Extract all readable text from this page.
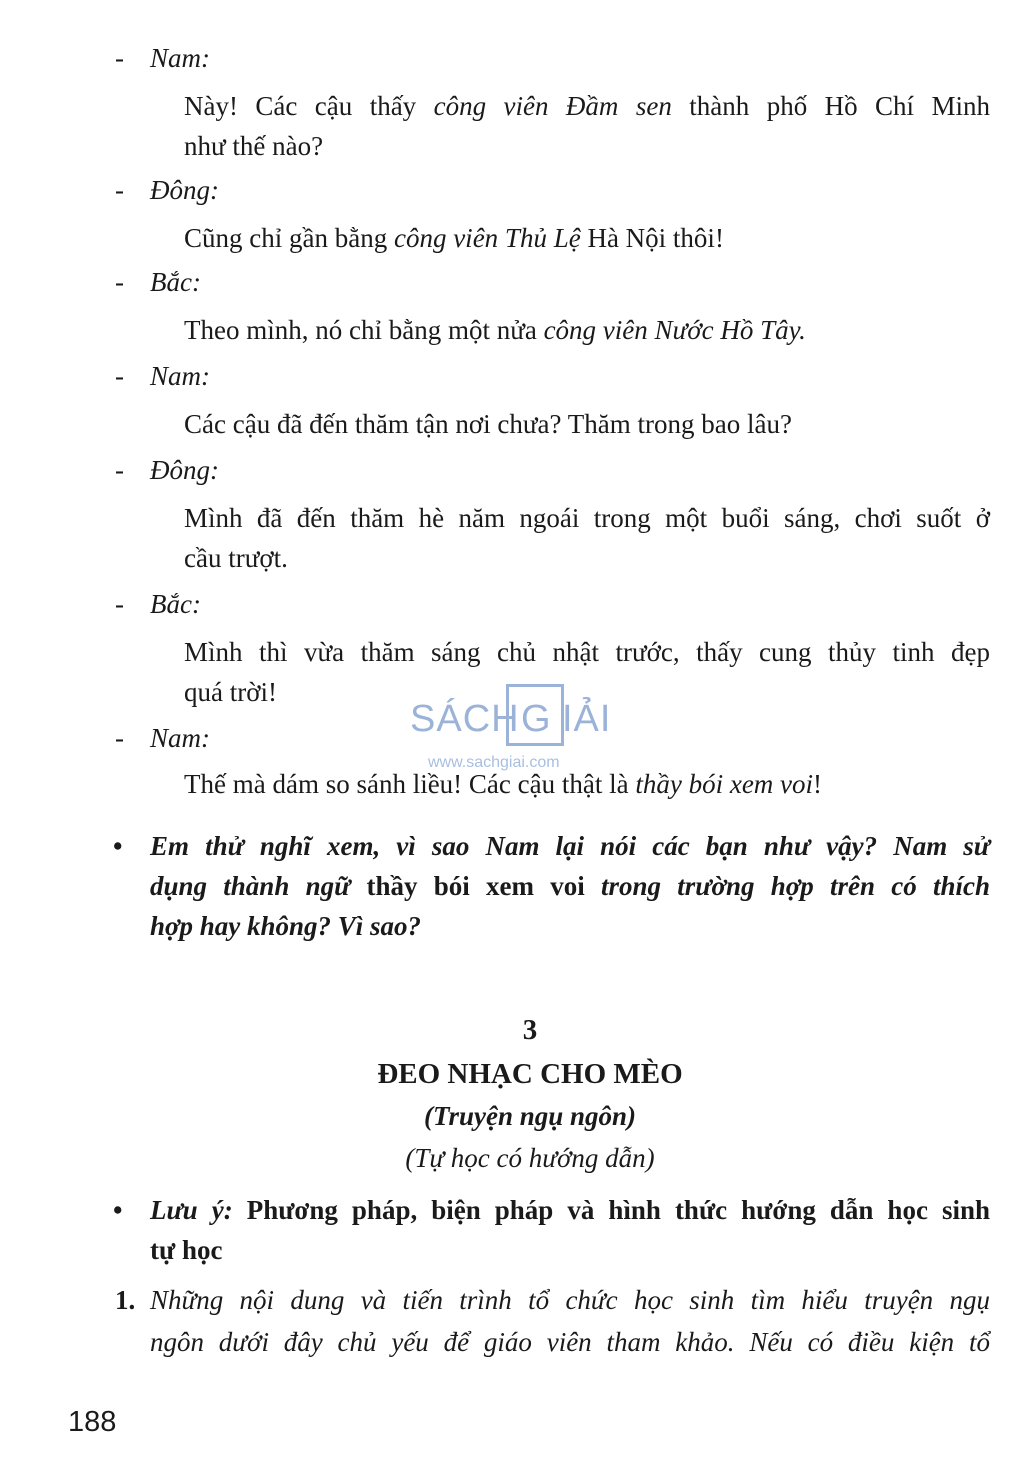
- Nam:
Này! Các cậu thấy công viên Đầm sen thành phố Hồ Chí Minh
như thế nào?
- Đông:
Cũng chỉ gần bằng công viên Thủ Lệ Hà Nội thôi!
- Bắc:
Theo mình, nó chỉ bằng một nửa công viên Nước Hồ Tây.
- Nam:
Các cậu đã đến thăm tận nơi chưa? Thăm trong bao lâu?
- Đông:
Mình đã đến thăm hè năm ngoái trong một buổi sáng, chơi suốt ở
cầu trượt.
- Bắc:
Mình thì vừa thăm sáng chủ nhật trước, thấy cung thủy tinh đẹp
quá trời!
- Nam:
Thế mà dám so sánh liều! Các cậu thật là thầy bói xem voi!
• Em thử nghĩ xem, vì sao Nam lại nói các bạn như vậy? Nam sử
dụng thành ngữ thầy bói xem voi trong trường hợp trên có thích
hợp hay không? Vì sao?
3
ĐEO NHẠC CHO MÈO
(Truyện ngụ ngôn)
(Tự học có hướng dẫn)
• Lưu ý: Phương pháp, biện pháp và hình thức hướng dẫn học sinh
tự học
1. Những nội dung và tiến trình tổ chức học sinh tìm hiểu truyện ngụ
ngôn dưới đây chủ yếu để giáo viên tham khảo. Nếu có điều kiện tổ
SÁCH G IẢI
www.sachgiai.com
188
